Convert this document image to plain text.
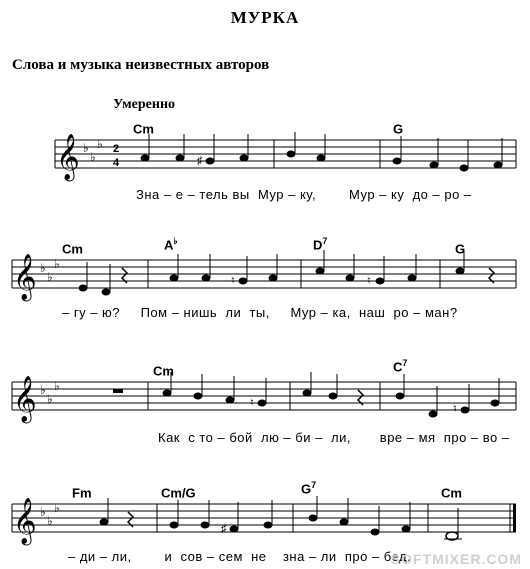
МУРКА
Слова и музыка неизвестных авторов
Умеренно
Cm	G
𝄞 ♭
♭
♭ 2
4	♯
Зна – е – тель вы  Мур – ку,        Мур – ку  до – ро –
Cm	A♭	$D^7$
G
𝄞 ♭
♭
♭
♮	♮
– гу – ю?     Пом – нишь  ли  ты,     Мур – ка,  наш  ро – ман?
Cm	$C^7$
𝄞 ♭
♭
♭
♮	♮
Как  с то – бой  лю – би –  ли,       вре – мя  про – во –
Fm	Cm/G	$G^7$
Cm
𝄞 ♭
♭
♭
♯
– ди – ли,        и  сов – сем  не    зна – ли  про – бед.
SOFTMIXER.COM
